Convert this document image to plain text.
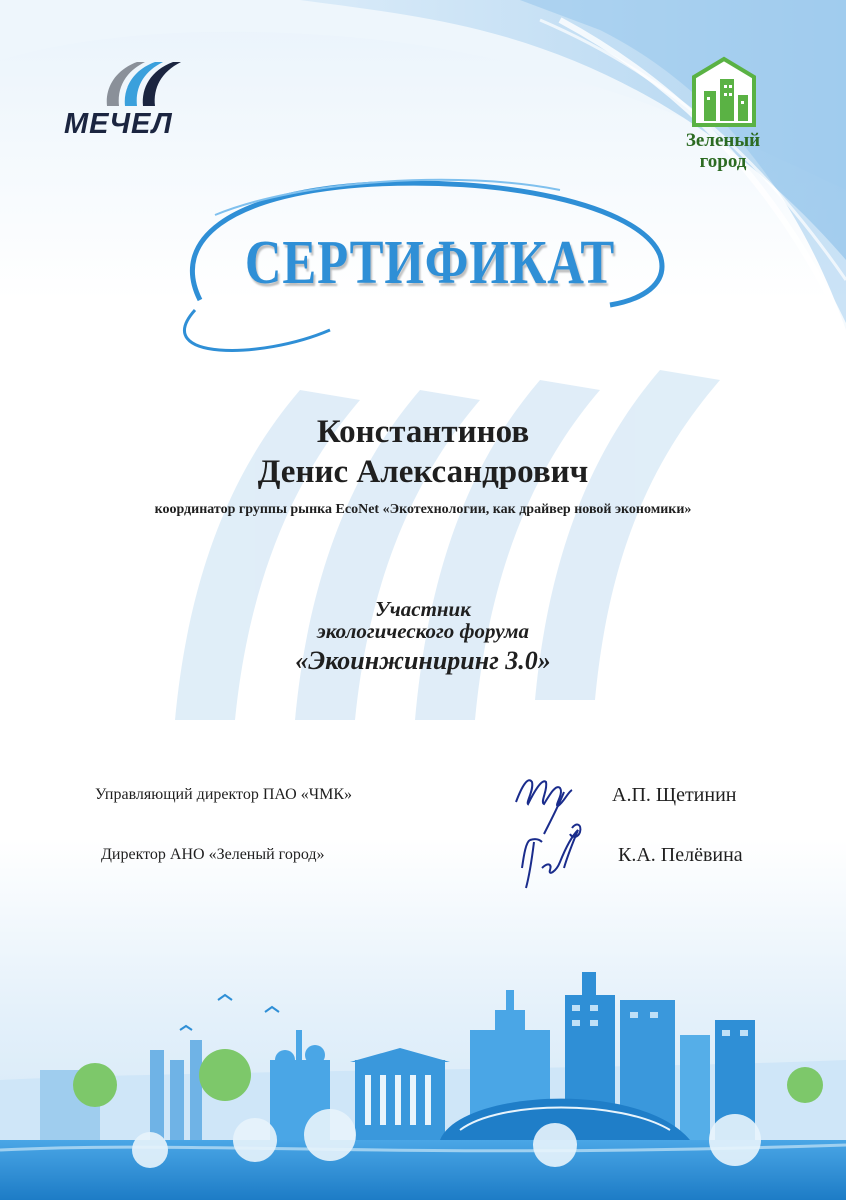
МЕЧЕЛ
Зеленый
город
СЕРТИФИКАТ
Константинов
Денис Александрович
координатор группы рынка EcoNet «Экотехнологии, как драйвер новой экономики»
Участник
экологического форума
«Экоинжиниринг 3.0»
Управляющий директор ПАО «ЧМК»	А.П. Щетинин
Директор АНО «Зеленый город»	К.А. Пелёвина
